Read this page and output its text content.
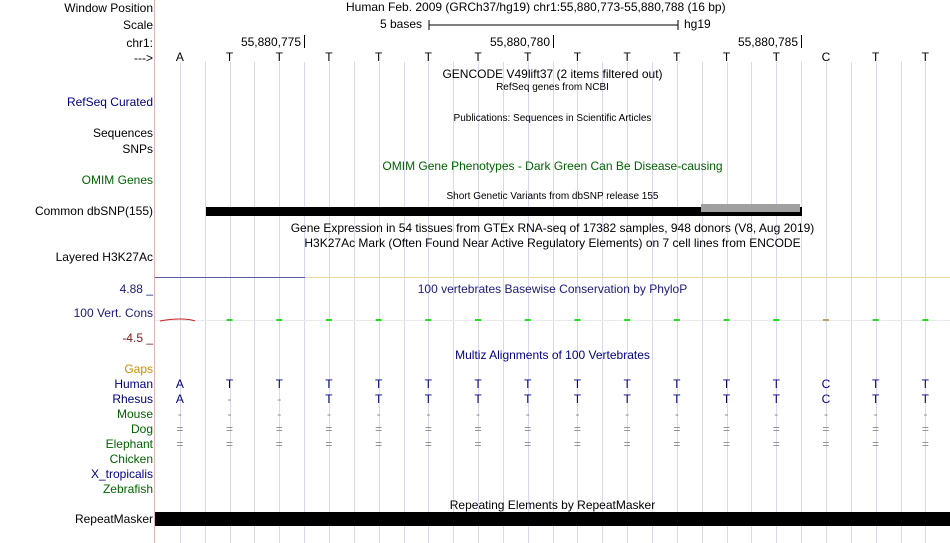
Window Position	Human Feb. 2009 (GRCh37/hg19) chr1:55,880,773-55,880,788 (16 bp)
Scale	5 bases	hg19
chr1:	55,880,775	55,880,780	55,880,785
--->	A	T	T	T	T	T	T	T	T	T	T	T	T	C	T	T
GENCODE V49lift37 (2 items filtered out)
RefSeq genes from NCBI
RefSeq Curated
Publications: Sequences in Scientific Articles
Sequences
SNPs
OMIM Gene Phenotypes - Dark Green Can Be Disease-causing
OMIM Genes
Short Genetic Variants from dbSNP release 155
Common dbSNP(155)
Gene Expression in 54 tissues from GTEx RNA-seq of 17382 samples, 948 donors (V8, Aug 2019)
H3K27Ac Mark (Often Found Near Active Regulatory Elements) on 7 cell lines from ENCODE
Layered H3K27Ac
4.88 _	100 vertebrates Basewise Conservation by PhyloP
100 Vert. Cons
-4.5 _
Multiz Alignments of 100 Vertebrates
Gaps
Human	A	T	T	T	T	T	T	T	T	T	T	T	T	C	T	T
Rhesus	A	-	-	T	T	T	T	T	T	T	T	T	T	C	T	T
Mouse	-	-	-	-	-	-	-	-	-	-	-	-	-	-	-	-
Dog	=	=	=	=	=	=	=	=	=	=	=	=	=	=	=	=
Elephant	=	=	=	=	=	=	=	=	=	=	=	=	=	=	=	=
Chicken
X_tropicalis
Zebrafish
Repeating Elements by RepeatMasker
RepeatMasker
